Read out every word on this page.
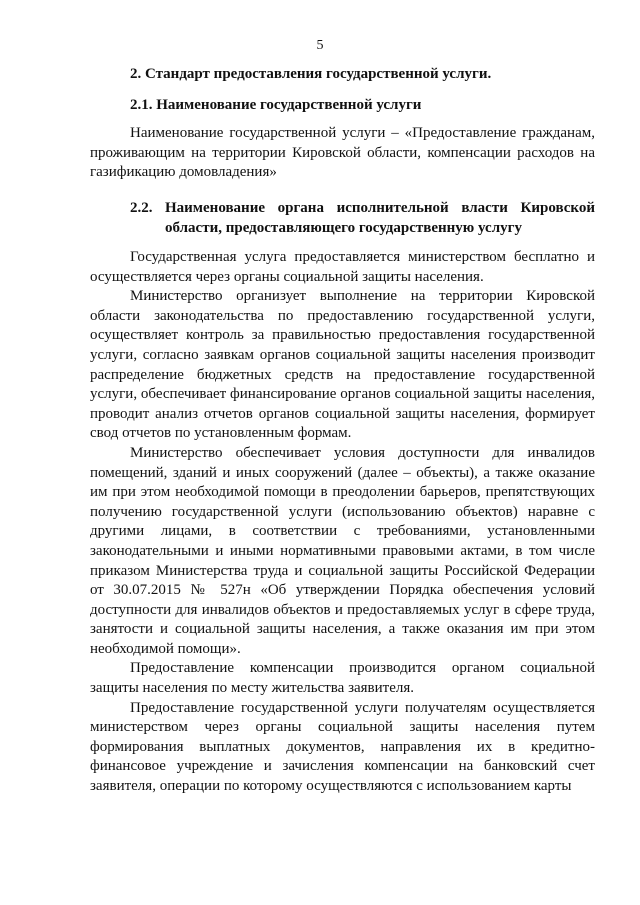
5
2. Стандарт предоставления государственной услуги.
2.1. Наименование государственной услуги

Наименование государственной услуги – «Предоставление гражданам, проживающим на территории Кировской области, компенсации расходов на газификацию домовладения»

2.2. Наименование органа исполнительной власти Кировской области, предоставляющего государственную услугу

Государственная услуга предоставляется министерством бесплатно и осуществляется через органы социальной защиты населения.

Министерство организует выполнение на территории Кировской области законодательства по предоставлению государственной услуги, осуществляет контроль за правильностью предоставления государственной услуги, согласно заявкам органов социальной защиты населения производит распределение бюджетных средств на предоставление государственной услуги, обеспечивает финансирование органов социальной защиты населения, проводит анализ отчетов органов социальной защиты населения, формирует свод отчетов по установленным формам.

Министерство обеспечивает условия доступности для инвалидов помещений, зданий и иных сооружений (далее – объекты), а также оказание им при этом необходимой помощи в преодолении барьеров, препятствующих получению государственной услуги (использованию объектов) наравне с другими лицами, в соответствии с требованиями, установленными законодательными и иными нормативными правовыми актами, в том числе приказом Министерства труда и социальной защиты Российской Федерации от 30.07.2015 № 527н «Об утверждении Порядка обеспечения условий доступности для инвалидов объектов и предоставляемых услуг в сфере труда, занятости и социальной защиты населения, а также оказания им при этом необходимой помощи».

Предоставление компенсации производится органом социальной защиты населения по месту жительства заявителя.

Предоставление государственной услуги получателям осуществляется министерством через органы социальной защиты населения путем формирования выплатных документов, направления их в кредитно-финансовое учреждение и зачисления компенсации на банковский счет заявителя, операции по которому осуществляются с использованием карты
